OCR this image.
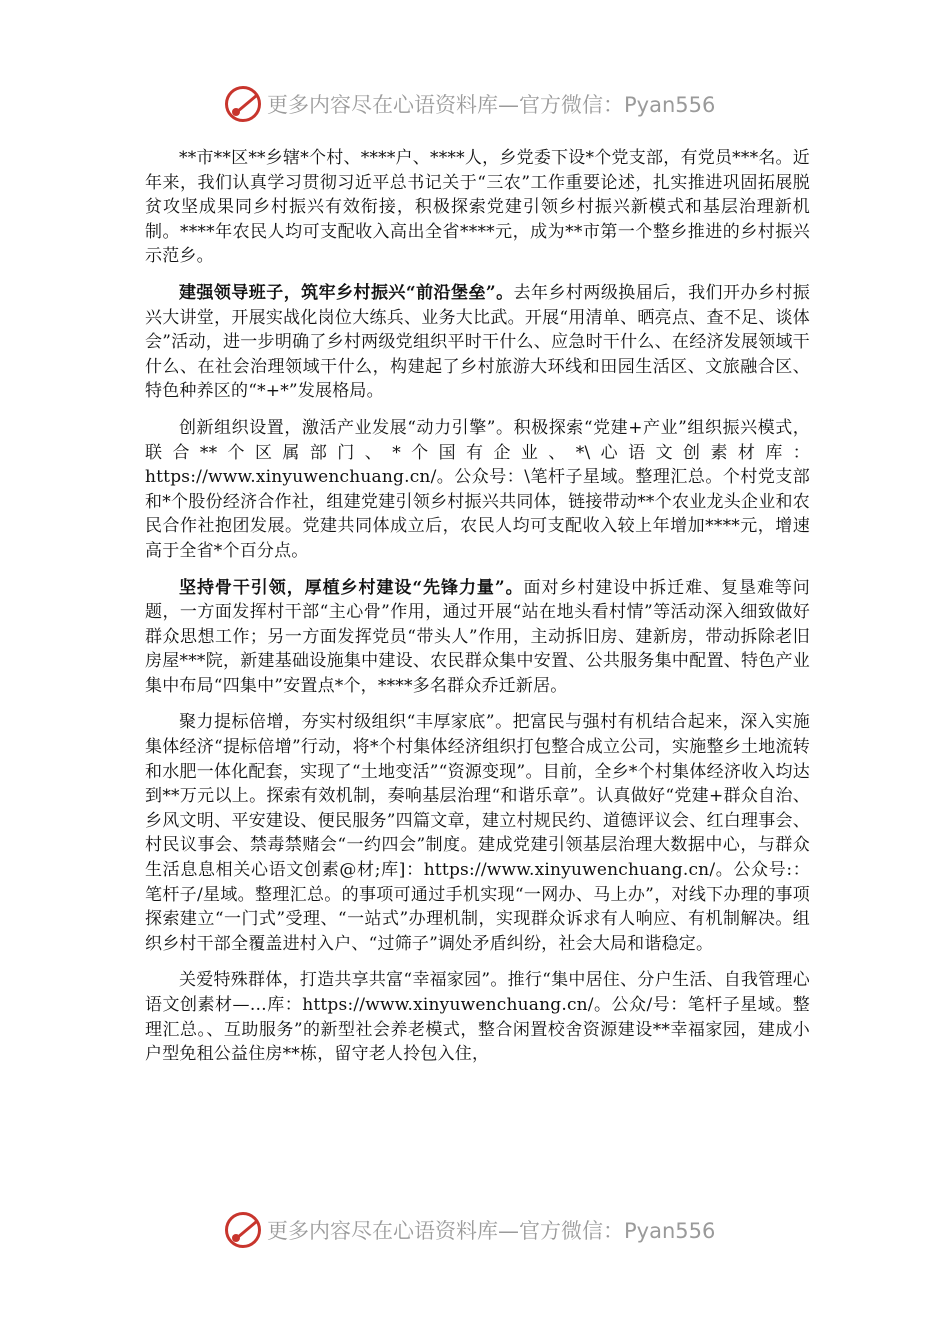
更多内容尽在心语资料库—官方微信：Pyan556

**市**区**乡辖*个村、****户、****人，乡党委下设*个党支部，有党员***名。近年来，我们认真学习贯彻习近平总书记关于“三农”工作重要论述，扎实推进巩固拓展脱贫攻坚成果同乡村振兴有效衔接，积极探索党建引领乡村振兴新模式和基层治理新机制。****年农民人均可支配收入高出全省****元，成为**市第一个整乡推进的乡村振兴示范乡。

建强领导班子，筑牢乡村振兴“前沿堡垒”。去年乡村两级换届后，我们开办乡村振兴大讲堂，开展实战化岗位大练兵、业务大比武。开展“用清单、晒亮点、查不足、谈体会”活动，进一步明确了乡村两级党组织平时干什么、应急时干什么、在经济发展领域干什么、在社会治理领域干什么，构建起了乡村旅游大环线和田园生活区、文旅融合区、特色种养区的“*+*”发展格局。

创新组织设置，激活产业发展“动力引擎”。积极探索“党建+产业”组织振兴模式，联合**个区属部门、*个国有企业、*\心语文创素材库：https://www.xinyuwenchuang.cn/。公众号：\笔杆子星域。整理汇总。个村党支部和*个股份经济合作社，组建党建引领乡村振兴共同体，链接带动**个农业龙头企业和农民合作社抱团发展。党建共同体成立后，农民人均可支配收入较上年增加****元，增速高于全省*个百分点。

坚持骨干引领，厚植乡村建设“先锋力量”。面对乡村建设中拆迁难、复垦难等问题，一方面发挥村干部“主心骨”作用，通过开展“站在地头看村情”等活动深入细致做好群众思想工作；另一方面发挥党员“带头人”作用，主动拆旧房、建新房，带动拆除老旧房屋***院，新建基础设施集中建设、农民群众集中安置、公共服务集中配置、特色产业集中布局“四集中”安置点*个，****多名群众乔迁新居。

聚力提标倍增，夯实村级组织“丰厚家底”。把富民与强村有机结合起来，深入实施集体经济“提标倍增”行动，将*个村集体经济组织打包整合成立公司，实施整乡土地流转和水肥一体化配套，实现了“土地变活”“资源变现”。目前，全乡*个村集体经济收入均达到**万元以上。探索有效机制，奏响基层治理“和谐乐章”。认真做好“党建+群众自治、乡风文明、平安建设、便民服务”四篇文章，建立村规民约、道德评议会、红白理事会、村民议事会、禁毒禁赌会“一约四会”制度。建成党建引领基层治理大数据中心，与群众生活息息相关心语文创素@材;库]：https://www.xinyuwenchuang.cn/。公众号:：笔杆子/星域。整理汇总。的事项可通过手机实现“一网办、马上办”，对线下办理的事项探索建立“一门式”受理、“一站式”办理机制，实现群众诉求有人响应、有机制解决。组织乡村干部全覆盖进村入户、“过筛子”调处矛盾纠纷，社会大局和谐稳定。

关爱特殊群体，打造共享共富“幸福家园”。推行“集中居住、分户生活、自我管理心语文创素材—…库：https://www.xinyuwenchuang.cn/。公众/号：笔杆子星域。整理汇总。、互助服务”的新型社会养老模式，整合闲置校舍资源建设**幸福家园，建成小户型免租公益住房**栋，留守老人拎包入住，

更多内容尽在心语资料库—官方微信：Pyan556
